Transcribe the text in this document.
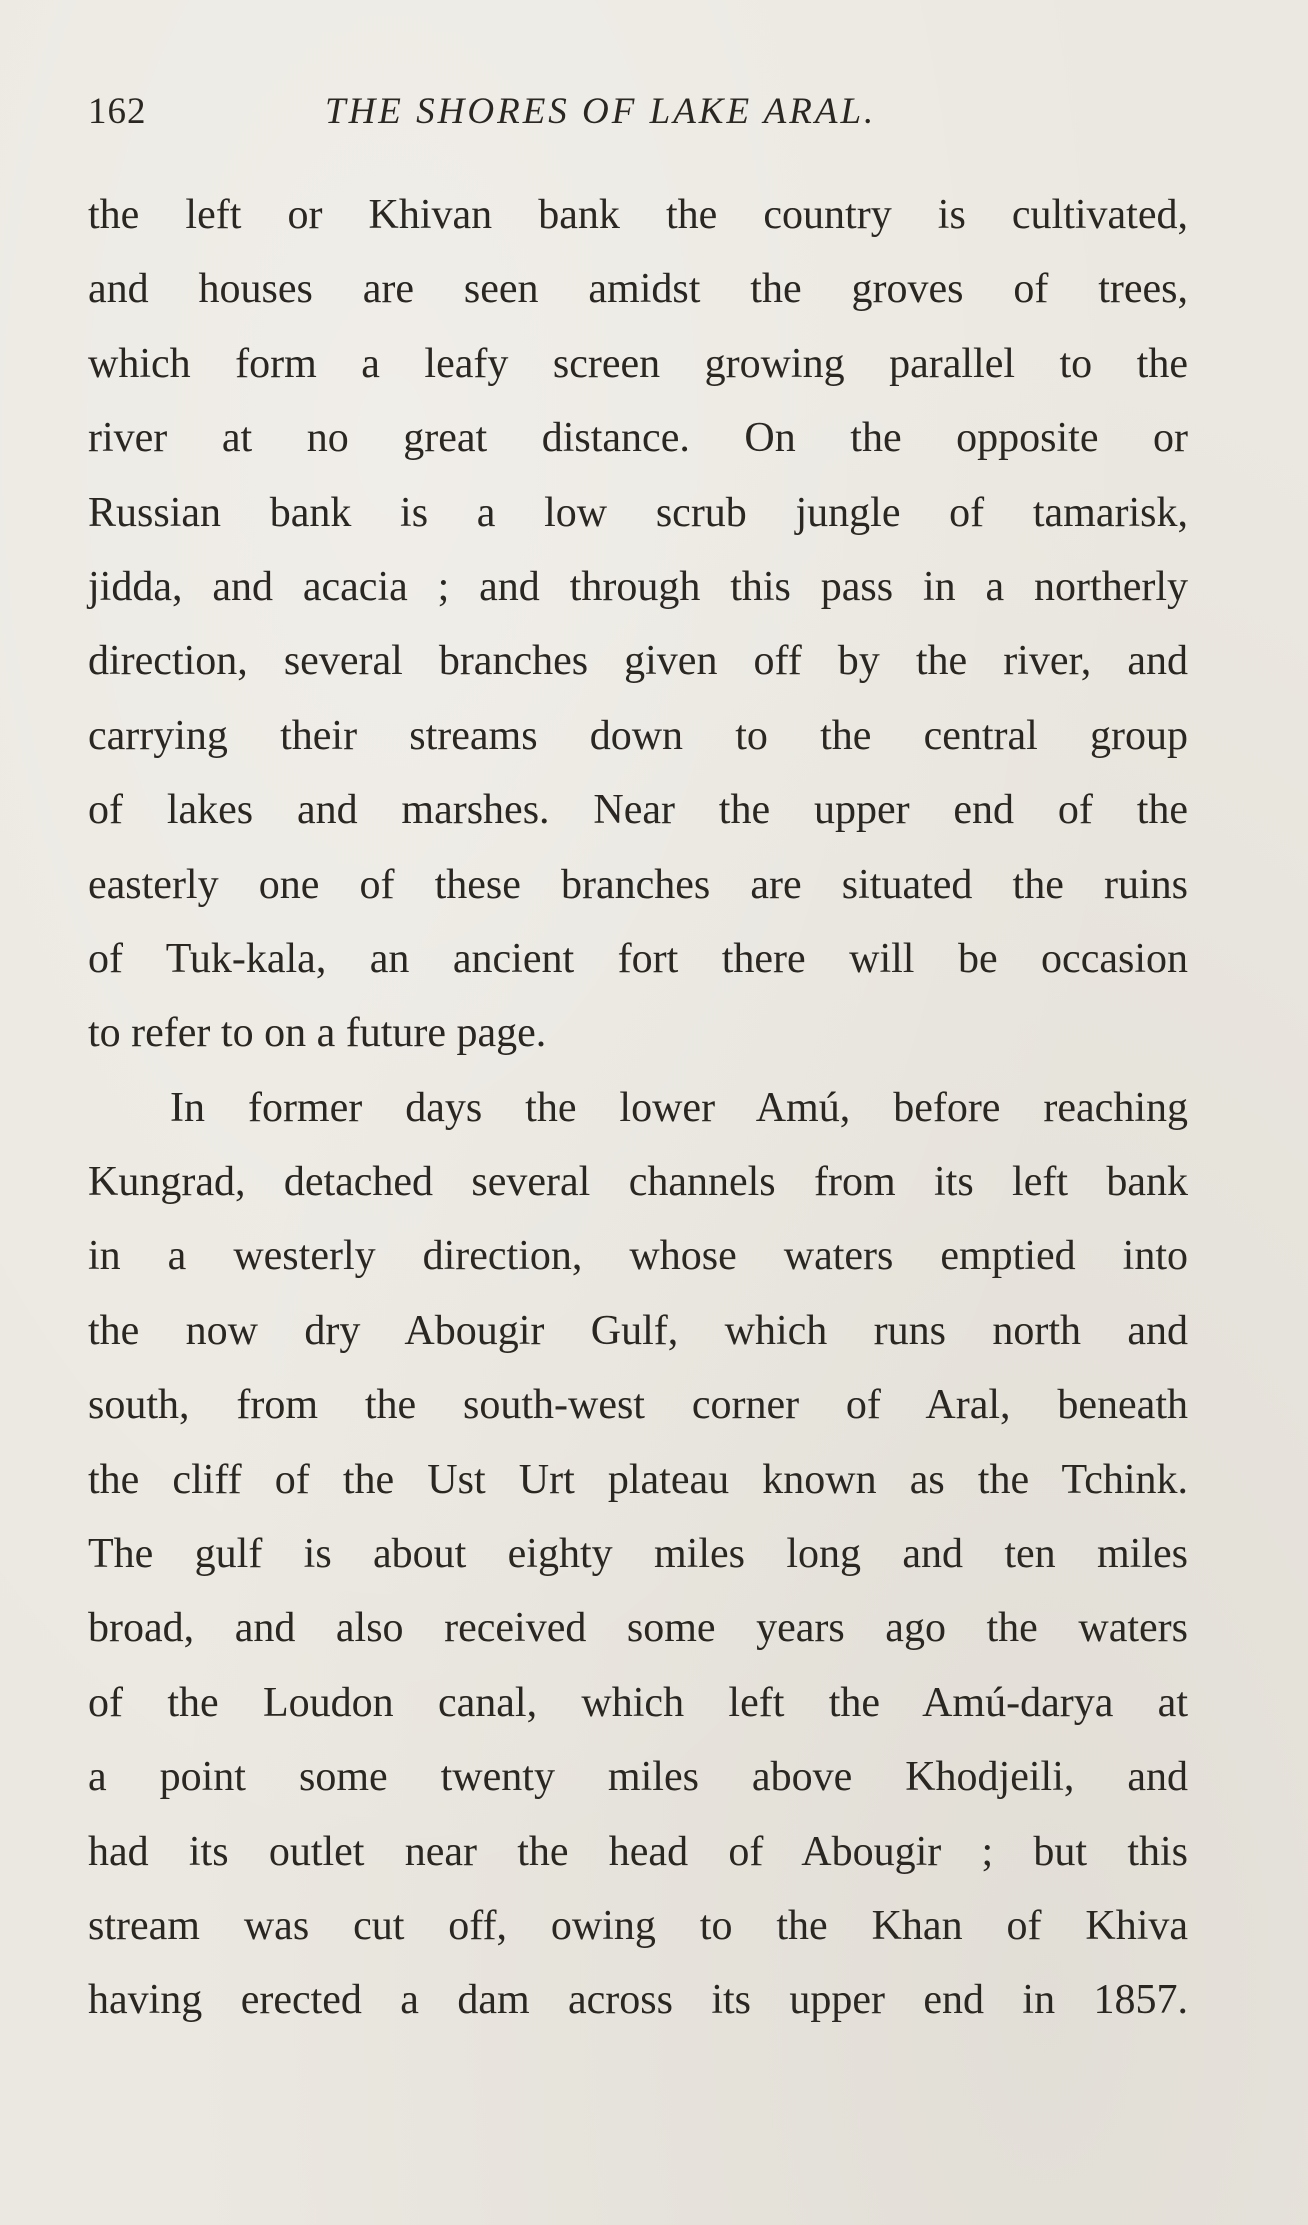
162	THE SHORES OF LAKE ARAL.
the left or Khivan bank the country is cultivated,
and houses are seen amidst the groves of trees,
which form a leafy screen growing parallel to the
river at no great distance. On the opposite or
Russian bank is a low scrub jungle of tamarisk,
jidda, and acacia ; and through this pass in a northerly
direction, several branches given off by the river, and
carrying their streams down to the central group
of lakes and marshes. Near the upper end of the
easterly one of these branches are situated the ruins
of Tuk-kala, an ancient fort there will be occasion
to refer to on a future page.
In former days the lower Amú, before reaching
Kungrad, detached several channels from its left bank
in a westerly direction, whose waters emptied into
the now dry Abougir Gulf, which runs north and
south, from the south-west corner of Aral, beneath
the cliff of the Ust Urt plateau known as the Tchink.
The gulf is about eighty miles long and ten miles
broad, and also received some years ago the waters
of the Loudon canal, which left the Amú-darya at
a point some twenty miles above Khodjeili, and
had its outlet near the head of Abougir ; but this
stream was cut off, owing to the Khan of Khiva
having erected a dam across its upper end in 1857.
